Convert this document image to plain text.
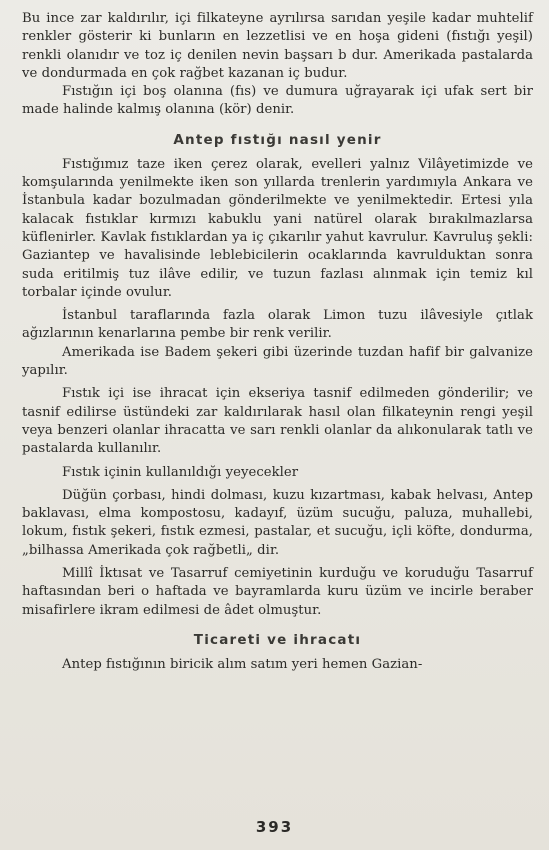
Bu ince zar kaldırılır, içi filkateyne ayrılırsa sarıdan yeşile kadar muhtelif renkler gösterir ki bunların en lezzetlisi ve en hoşa gideni (fıstığı yeşil) renkli olanıdır ve toz iç denilen nevin başsarı b dur. Amerikada pastalarda ve dondurmada en çok rağbet kazanan iç budur.

Fıstığın içi boş olanına (fıs) ve dumura uğrayarak içi ufak sert bir made halinde kalmış olanına (kör) denir.

Antep fıstığı nasıl yenir

Fıstığımız taze iken çerez olarak, evelleri yalnız Vilâyetimizde ve komşularında yenilmekte iken son yıllarda trenlerin yardımıyla Ankara ve İstanbula kadar bozulmadan gönderilmekte ve yenilmektedir. Ertesi yıla kalacak fıstıklar kırmızı kabuklu yani natürel olarak bırakılmazlarsa küflenirler. Kavlak fıstıklardan ya iç çıkarılır yahut kavrulur. Kavruluş şekli: Gaziantep ve havalisinde leblebicilerin ocaklarında kavrulduktan sonra suda eritilmiş tuz ilâve edilir, ve tuzun fazlası alınmak için temiz kıl torbalar içinde ovulur.

İstanbul taraflarında fazla olarak Limon tuzu ilâvesiyle çıtlak ağızlarının kenarlarına pembe bir renk verilir.

Amerikada ise Badem şekeri gibi üzerinde tuzdan hafif bir galvanize yapılır.

Fıstık içi ise ihracat için ekseriya tasnif edilmeden gönderilir; ve tasnif edilirse üstündeki zar kaldırılarak hasıl olan filkateynin rengi yeşil veya benzeri olanlar ihracatta ve sarı renkli olanlar da alıkonularak tatlı ve pastalarda kullanılır.

Fıstık içinin kullanıldığı yeyecekler

Düğün çorbası, hindi dolması, kuzu kızartması, kabak helvası, Antep baklavası, elma kompostosu, kadayıf, üzüm sucuğu, paluza, muhallebi, lokum, fıstık şekeri, fıstık ezmesi, pastalar, et sucuğu, içli köfte, dondurma, „bilhassa Amerikada çok rağbetli„ dir.

Millî İktısat ve Tasarruf cemiyetinin kurduğu ve koruduğu Tasarruf haftasından beri o haftada ve bayramlarda kuru üzüm ve incirle beraber misafirlere ikram edilmesi de âdet olmuştur.

Ticareti ve ihracatı

Antep fıstığının biricik alım satım yeri hemen Gazian-

393
